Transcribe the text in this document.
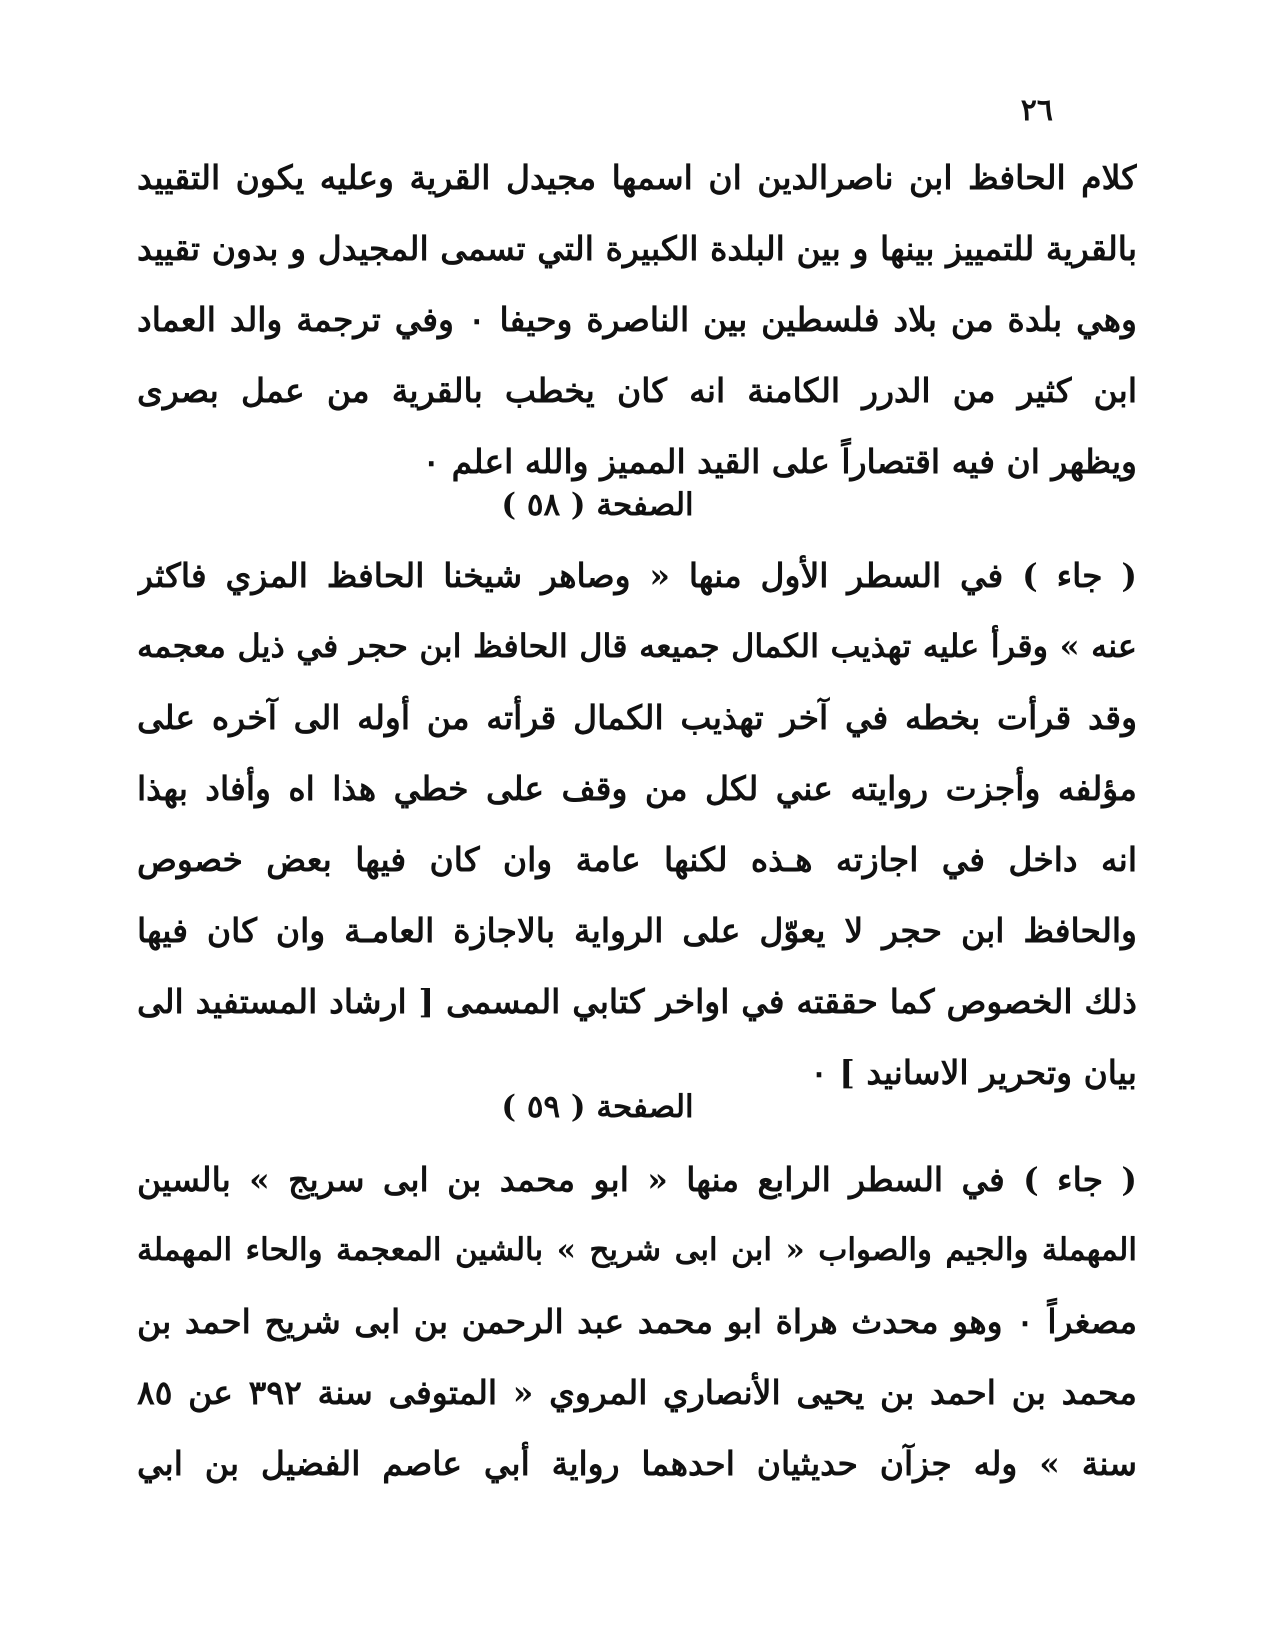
٢٦
كلام الحافظ ابن ناصرالدين ان اسمها مجيدل القرية وعليه يكون التقييد
بالقرية للتمييز بينها و بين البلدة الكبيرة التي تسمى المجيدل و بدون تقييد
وهي بلدة من بلاد فلسطين بين الناصرة وحيفا ٠ وفي ترجمة والد العماد
ابن كثير من الدرر الكامنة انه كان يخطب بالقرية من عمل بصرى
ويظهر ان فيه اقتصاراً على القيد المميز والله اعلم ٠
الصفحة ( ٥٨ )
( جاء ) في السطر الأول منها « وصاهر شيخنا الحافظ المزي فاكثر
عنه » وقرأ عليه تهذيب الكمال جميعه قال الحافظ ابن حجر في ذيل معجمه
وقد قرأت بخطه في آخر تهذيب الكمال قرأته من أوله الى آخره على
مؤلفه وأجزت روايته عني لكل من وقف على خطي هذا اه وأفاد بهذا
انه داخل في اجازته هـذه لكنها عامة وان كان فيها بعض خصوص
والحافظ ابن حجر لا يعوّل على الرواية بالاجازة العامـة وان كان فيها
ذلك الخصوص كما حققته في اواخر كتابي المسمى [ ارشاد المستفيد الى
بيان وتحرير الاسانيد ] ٠
الصفحة ( ٥٩ )
( جاء ) في السطر الرابع منها « ابو محمد بن ابى سريج » بالسين
المهملة والجيم والصواب « ابن ابى شريح » بالشين المعجمة والحاء المهملة
مصغراً ٠ وهو محدث هراة ابو محمد عبد الرحمن بن ابى شريح احمد بن
محمد بن احمد بن يحيى الأنصاري المروي « المتوفى سنة ٣٩٢ عن ٨٥
سنة » وله جزآن حديثيان احدهما رواية أبي عاصم الفضيل بن ابي
